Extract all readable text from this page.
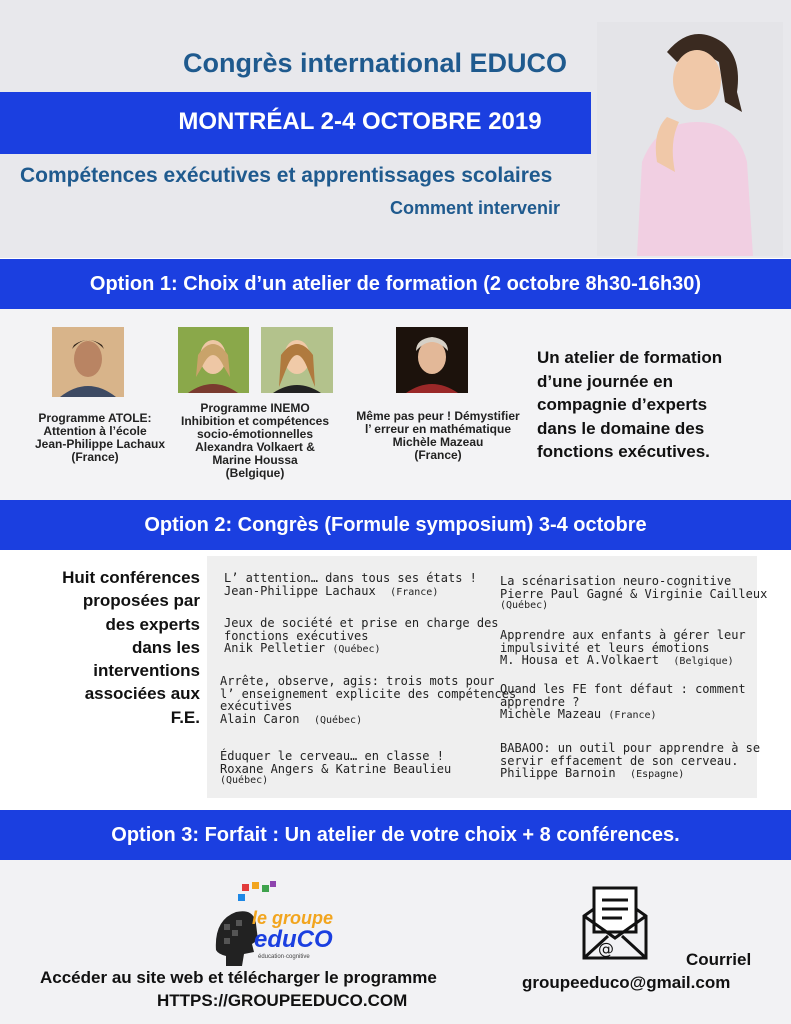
Congrès international EDUCO
MONTRÉAL 2-4 OCTOBRE 2019
Compétences exécutives et apprentissages scolaires
Comment intervenir
Option 1: Choix d’un atelier de formation (2 octobre 8h30-16h30)
Programme ATOLE:
Attention à l’école
Jean-Philippe Lachaux
(France)
Programme INEMO
Inhibition et compétences
socio-émotionnelles
Alexandra Volkaert &
Marine Houssa
(Belgique)
Même pas peur ! Démystifier
l’ erreur en mathématique
Michèle Mazeau
(France)
Un atelier de formation
d’une journée en
compagnie d’experts
dans le domaine des
fonctions exécutives.
Option 2: Congrès (Formule symposium) 3-4 octobre
Huit conférences
proposées par
des experts
dans les
interventions
associées aux
F.E.
L’ attention… dans tous ses états !
Jean-Philippe Lachaux (France)
Jeux de société et prise en charge des
fonctions exécutives
Anik Pelletier (Québec)
Arrête, observe, agis: trois mots pour
l’ enseignement explicite des compétences
exécutives
Alain Caron (Québec)
Éduquer le cerveau… en classe !
Roxane Angers & Katrine Beaulieu
(Québec)
La scénarisation neuro-cognitive
Pierre Paul Gagné & Virginie Cailleux
(Québec)
Apprendre aux enfants à gérer leur
impulsivité et leurs émotions
M. Housa et A.Volkaert (Belgique)
Quand les FE font défaut : comment
apprendre ?
Michèle Mazeau (France)
BABAOO: un outil pour apprendre à se
servir effacement de son cerveau.
Philippe Barnoin (Espagne)
Option 3: Forfait : Un atelier de votre choix + 8 conférences.
le groupe
eduCO
éducation·cognitive
Accéder au site web et télécharger le programme
HTTPS://GROUPEEDUCO.COM
@
Courriel
groupeeduco@gmail.com
